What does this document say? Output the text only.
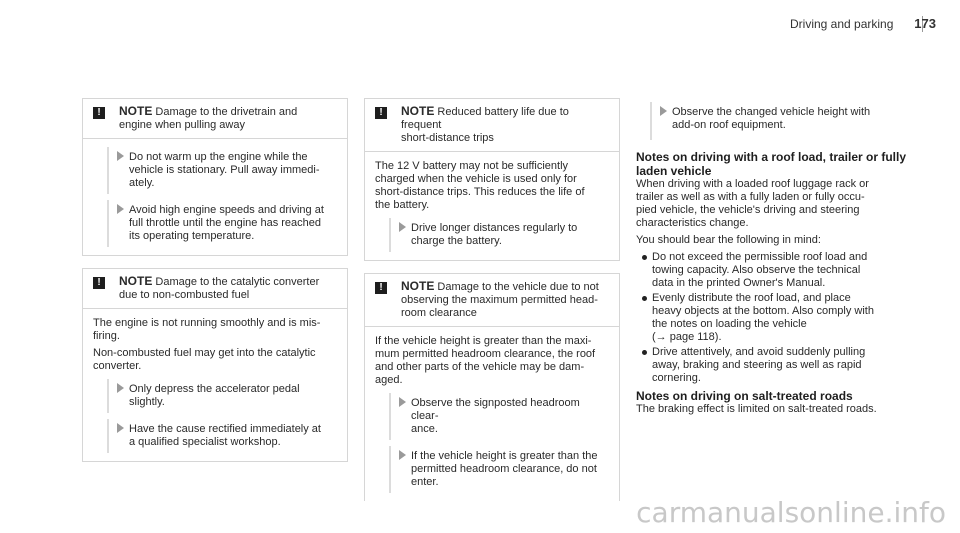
Driving and parking 173
!	NOTE Damage to the drivetrain and
engine when pulling away
Do not warm up the engine while the
vehicle is stationary. Pull away immedi-
ately.
Avoid high engine speeds and driving at
full throttle until the engine has reached
its operating temperature.
!	NOTE Damage to the catalytic converter
due to non-combusted fuel
The engine is not running smoothly and is mis-
firing.
Non-combusted fuel may get into the catalytic
converter.
Only depress the accelerator pedal
slightly.
Have the cause rectified immediately at
a qualified specialist workshop.
!	NOTE Reduced battery life due to frequent
short-distance trips
The 12 V battery may not be sufficiently
charged when the vehicle is used only for
short-distance trips. This reduces the life of
the battery.
Drive longer distances regularly to
charge the battery.
!	NOTE Damage to the vehicle due to not
observing the maximum permitted head-
room clearance
If the vehicle height is greater than the maxi-
mum permitted headroom clearance, the roof
and other parts of the vehicle may be dam-
aged.
Observe the signposted headroom clear-
ance.
If the vehicle height is greater than the
permitted headroom clearance, do not
enter.
Observe the changed vehicle height with
add-on roof equipment.
Notes on driving with a roof load, trailer or fully
laden vehicle
When driving with a loaded roof luggage rack or
trailer as well as with a fully laden or fully occu-
pied vehicle, the vehicle's driving and steering
characteristics change.
You should bear the following in mind:
Do not exceed the permissible roof load and
towing capacity. Also observe the technical
data in the printed Owner's Manual.
Evenly distribute the roof load, and place
heavy objects at the bottom. Also comply with
the notes on loading the vehicle
(→ page 118).
Drive attentively, and avoid suddenly pulling
away, braking and steering as well as rapid
cornering.
Notes on driving on salt-treated roads
The braking effect is limited on salt-treated roads.
carmanualsonline.info
